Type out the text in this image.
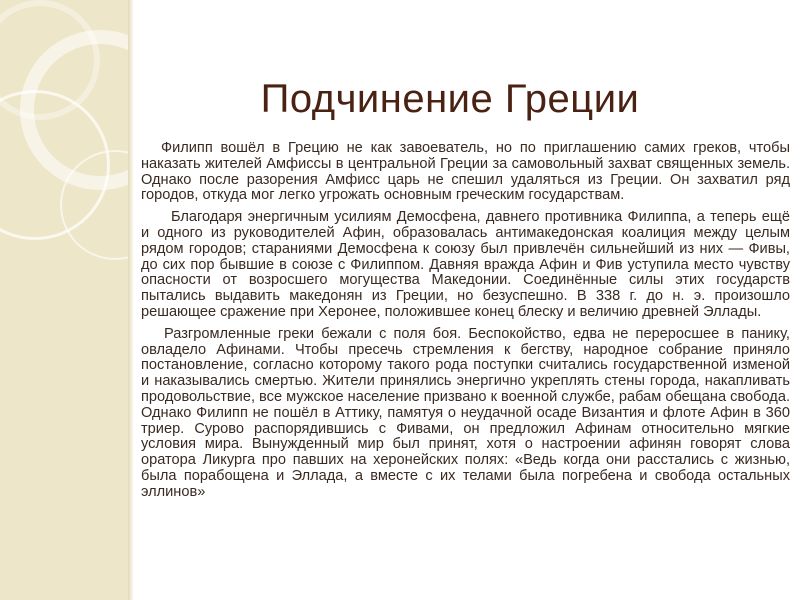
Подчинение Греции

Филипп вошёл в Грецию не как завоеватель, но по приглашению самих греков, чтобы наказать жителей Амфиссы в центральной Греции за самовольный захват священных земель. Однако после разорения Амфисс царь не спешил удаляться из Греции. Он захватил ряд городов, откуда мог легко угрожать основным греческим государствам.

Благодаря энергичным усилиям Демосфена, давнего противника Филиппа, а теперь ещё и одного из руководителей Афин, образовалась антимакедонская коалиция между целым рядом городов; стараниями Демосфена к союзу был привлечён сильнейший из них — Фивы, до сих пор бывшие в союзе с Филиппом. Давняя вражда Афин и Фив уступила место чувству опасности от возросшего могущества Македонии. Соединённые силы этих государств пытались выдавить македонян из Греции, но безуспешно. В 338 г. до н. э. произошло решающее сражение при Херонее, положившее конец блеску и величию древней Эллады.

Разгромленные греки бежали с поля боя. Беспокойство, едва не переросшее в панику, овладело Афинами. Чтобы пресечь стремления к бегству, народное собрание приняло постановление, согласно которому такого рода поступки считались государственной изменой и наказывались смертью. Жители принялись энергично укреплять стены города, накапливать продовольствие, все мужское население призвано к военной службе, рабам обещана свобода. Однако Филипп не пошёл в Аттику, памятуя о неудачной осаде Византия и флоте Афин в 360 триер. Сурово распорядившись с Фивами, он предложил Афинам относительно мягкие условия мира. Вынужденный мир был принят, хотя о настроении афинян говорят слова оратора Ликурга про павших на херонейских полях: «Ведь когда они расстались с жизнью, была порабощена и Эллада, а вместе с их телами была погребена и свобода остальных эллинов»
